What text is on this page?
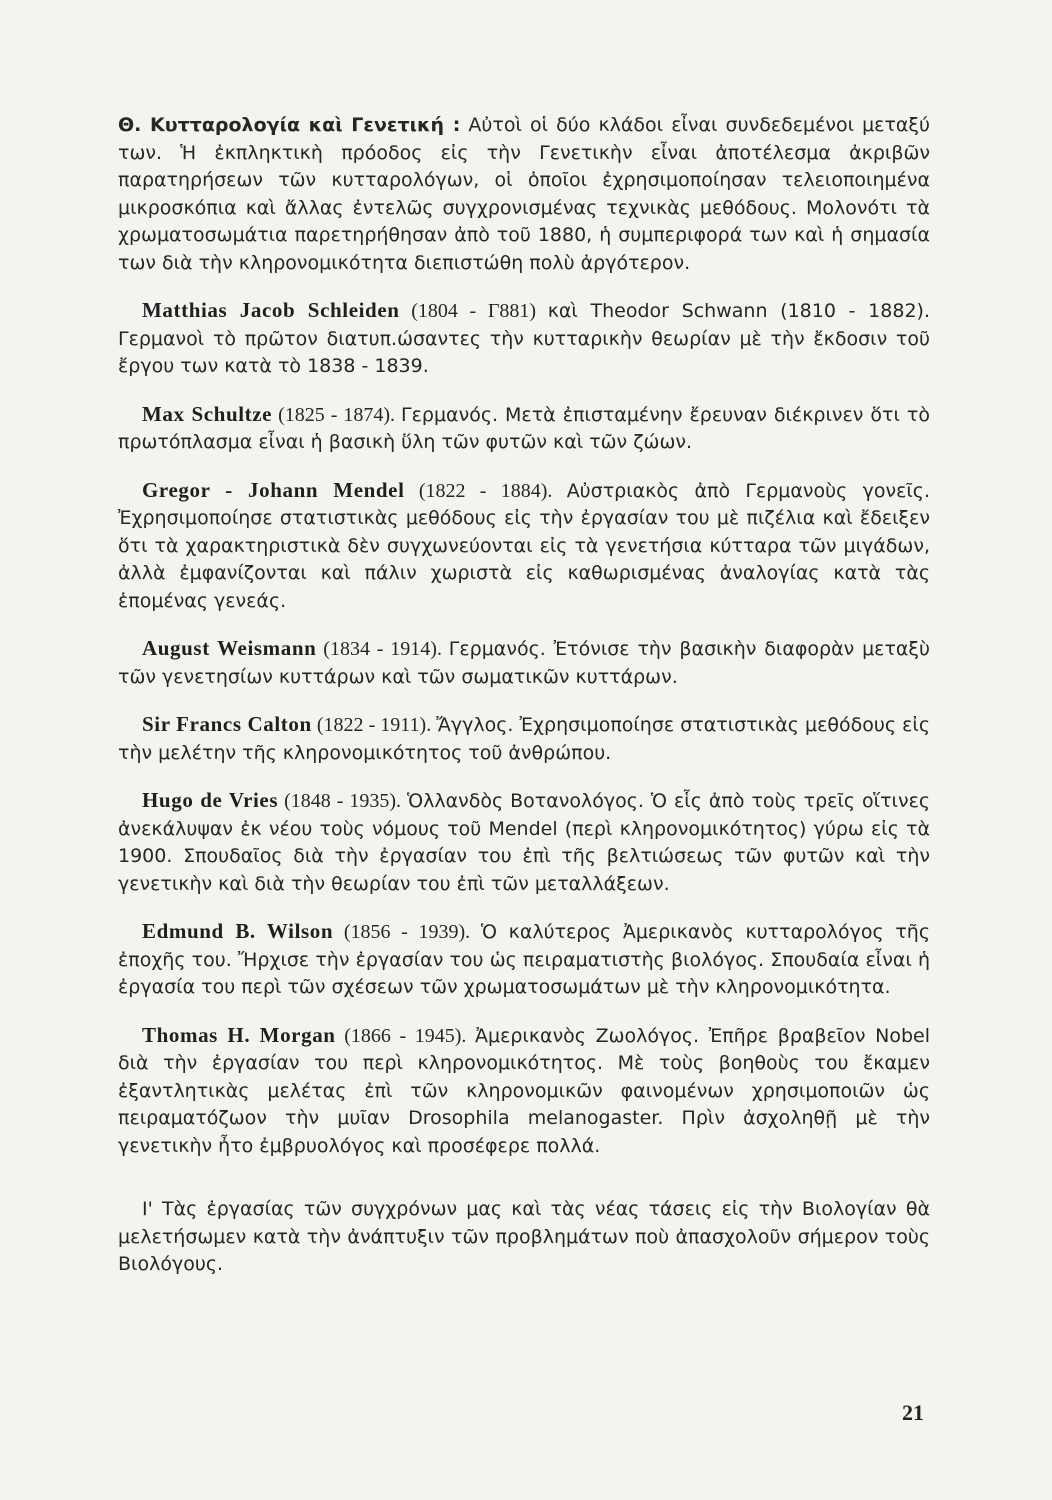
Θ. Κυτταρολογία καὶ Γενετική : Αὐτοὶ οἱ δύο κλάδοι εἶναι συνδεδεμένοι μεταξύ των. Ἡ ἐκπληκτικὴ πρόοδος εἰς τὴν Γενετικὴν εἶναι ἀποτέλεσμα ἀκριβῶν παρατηρήσεων τῶν κυτταρολόγων, οἱ ὁποῖοι ἐχρησιμοποίησαν τελειοποιημένα μικροσκόπια καὶ ἄλλας ἐντελῶς συγχρονισμένας τεχνικὰς μεθόδους. Μολονότι τὰ χρωματοσωμάτια παρετηρήθησαν ἀπὸ τοῦ 1880, ἡ συμπεριφορά των καὶ ἡ σημασία των διὰ τὴν κληρονομικότητα διεπιστώθη πολὺ ἀργότερον.

Matthias Jacob Schleiden (1804 - Γ881) καὶ Theodor Schwann (1810 - 1882). Γερμανοὶ τὸ πρῶτον διατυπ.ώσαντες τὴν κυτταρικὴν θεωρίαν μὲ τὴν ἔκδοσιν τοῦ ἔργου των κατὰ τὸ 1838 - 1839.

Max Schultze (1825 - 1874). Γερμανός. Μετὰ ἐπισταμένην ἔρευναν διέκρινεν ὅτι τὸ πρωτόπλασμα εἶναι ἡ βασικὴ ὕλη τῶν φυτῶν καὶ τῶν ζώων.

Gregor - Johann Mendel (1822 - 1884). Αὐστριακὸς ἀπὸ Γερμανοὺς γονεῖς. Ἐχρησιμοποίησε στατιστικὰς μεθόδους εἰς τὴν ἐργασίαν του μὲ πιζέλια καὶ ἔδειξεν ὅτι τὰ χαρακτηριστικὰ δὲν συγχωνεύονται εἰς τὰ γενετήσια κύτταρα τῶν μιγάδων, ἀλλὰ ἐμφανίζονται καὶ πάλιν χωριστὰ εἰς καθωρισμένας ἀναλογίας κατὰ τὰς ἑπομένας γενεάς.

August Weismann (1834 - 1914). Γερμανός. Ἐτόνισε τὴν βασικὴν διαφορὰν μεταξὺ τῶν γενετησίων κυττάρων καὶ τῶν σωματικῶν κυττάρων.

Sir Francs Calton (1822 - 1911). Ἄγγλος. Ἐχρησιμοποίησε στατιστικὰς μεθόδους εἰς τὴν μελέτην τῆς κληρονομικότητος τοῦ ἀνθρώπου.

Hugo de Vries (1848 - 1935). Ὁλλανδὸς Βοτανολόγος. Ὁ εἷς ἀπὸ τοὺς τρεῖς οἵτινες ἀνεκάλυψαν ἐκ νέου τοὺς νόμους τοῦ Mendel (περὶ κληρονομικότητος) γύρω εἰς τὰ 1900. Σπουδαῖος διὰ τὴν ἐργασίαν του ἐπὶ τῆς βελτιώσεως τῶν φυτῶν καὶ τὴν γενετικὴν καὶ διὰ τὴν θεωρίαν του ἐπὶ τῶν μεταλλάξεων.

Edmund B. Wilson (1856 - 1939). Ὁ καλύτερος Ἀμερικανὸς κυτταρολόγος τῆς ἐποχῆς του. Ἤρχισε τὴν ἐργασίαν του ὡς πειραματιστὴς βιολόγος. Σπουδαία εἶναι ἡ ἐργασία του περὶ τῶν σχέσεων τῶν χρωματοσωμάτων μὲ τὴν κληρονομικότητα.

Thomas H. Morgan (1866 - 1945). Ἀμερικανὸς Ζωολόγος. Ἐπῆρε βραβεῖον Nobel διὰ τὴν ἐργασίαν του περὶ κληρονομικότητος. Μὲ τοὺς βοηθοὺς του ἔκαμεν ἐξαντλητικὰς μελέτας ἐπὶ τῶν κληρονομικῶν φαινομένων χρησιμοποιῶν ὡς πειραματόζωον τὴν μυῖαν Drosophila melanogaster. Πρὶν ἀσχοληθῇ μὲ τὴν γενετικὴν ἦτο ἐμβρυολόγος καὶ προσέφερε πολλά.

Ι' Τὰς ἐργασίας τῶν συγχρόνων μας καὶ τὰς νέας τάσεις εἰς τὴν Βιολογίαν θὰ μελετήσωμεν κατὰ τὴν ἀνάπτυξιν τῶν προβλημάτων ποὺ ἀπασχολοῦν σήμερον τοὺς Βιολόγους.

21
